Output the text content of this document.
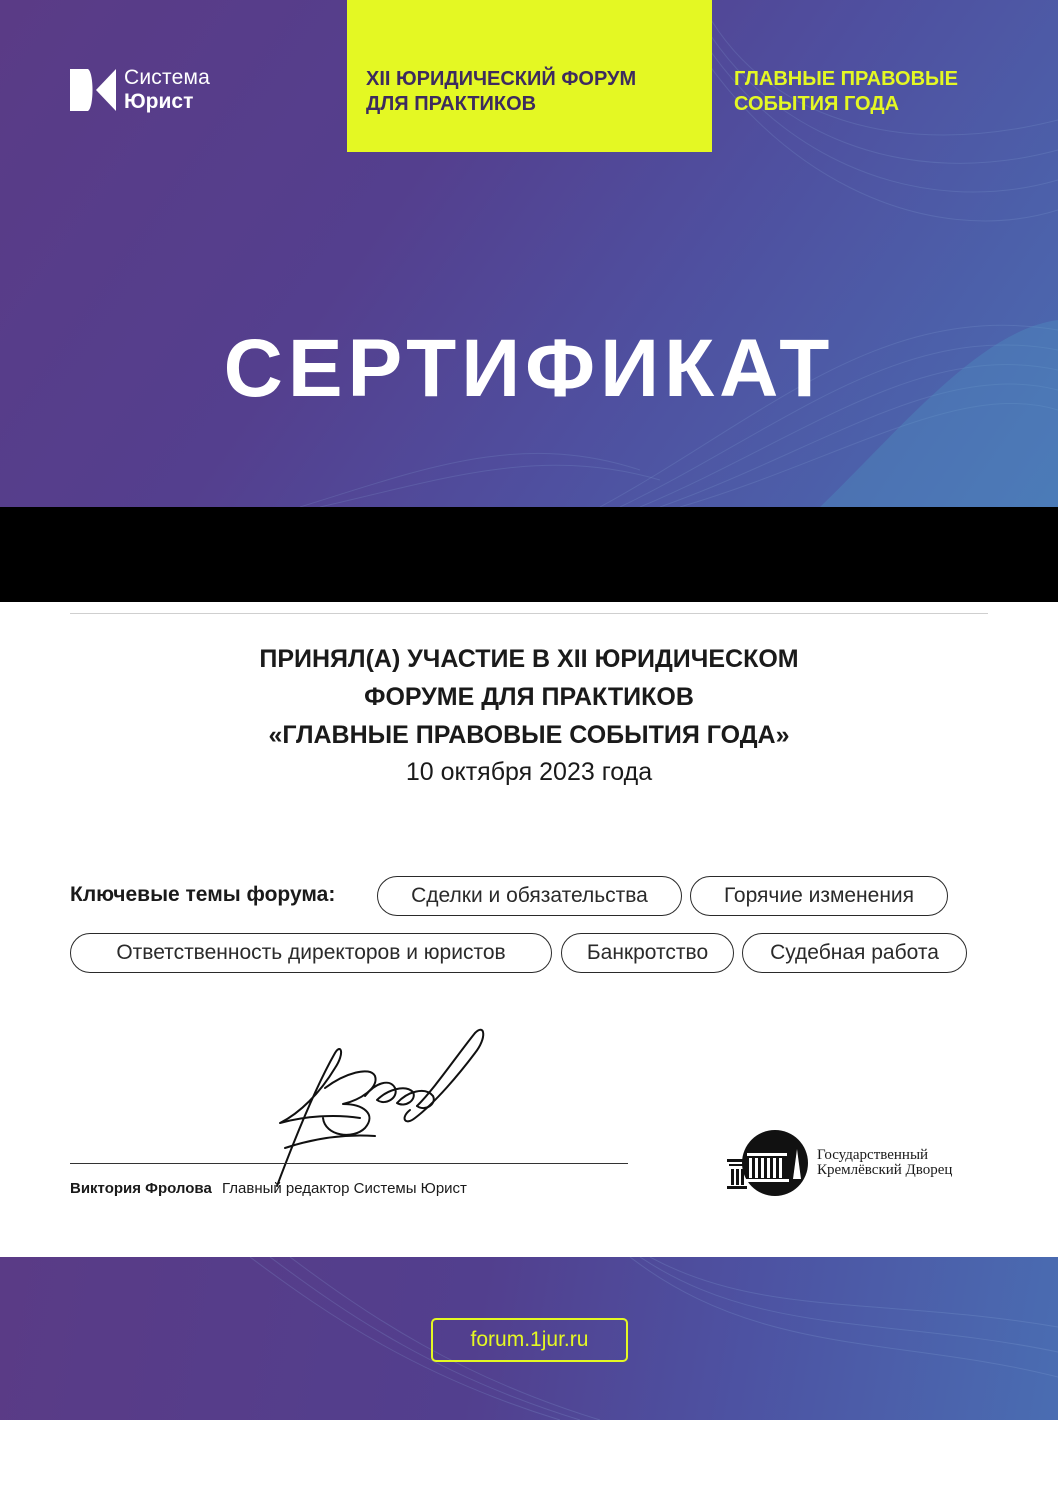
Система
Юрист
XII ЮРИДИЧЕСКИЙ ФОРУМ
ДЛЯ ПРАКТИКОВ
ГЛАВНЫЕ ПРАВОВЫЕ
СОБЫТИЯ ГОДА
СЕРТИФИКАТ
ПРИНЯЛ(А) УЧАСТИЕ В XII ЮРИДИЧЕСКОМ
ФОРУМЕ ДЛЯ ПРАКТИКОВ
«ГЛАВНЫЕ ПРАВОВЫЕ СОБЫТИЯ ГОДА»
10 октября 2023 года
Ключевые темы форума:	Сделки и обязательства	Горячие изменения
Ответственность директоров и юристов	Банкротство	Судебная работа
Виктория Фролова Главный редактор Системы Юрист
Государственный
Кремлёвский Дворец
forum.1jur.ru
